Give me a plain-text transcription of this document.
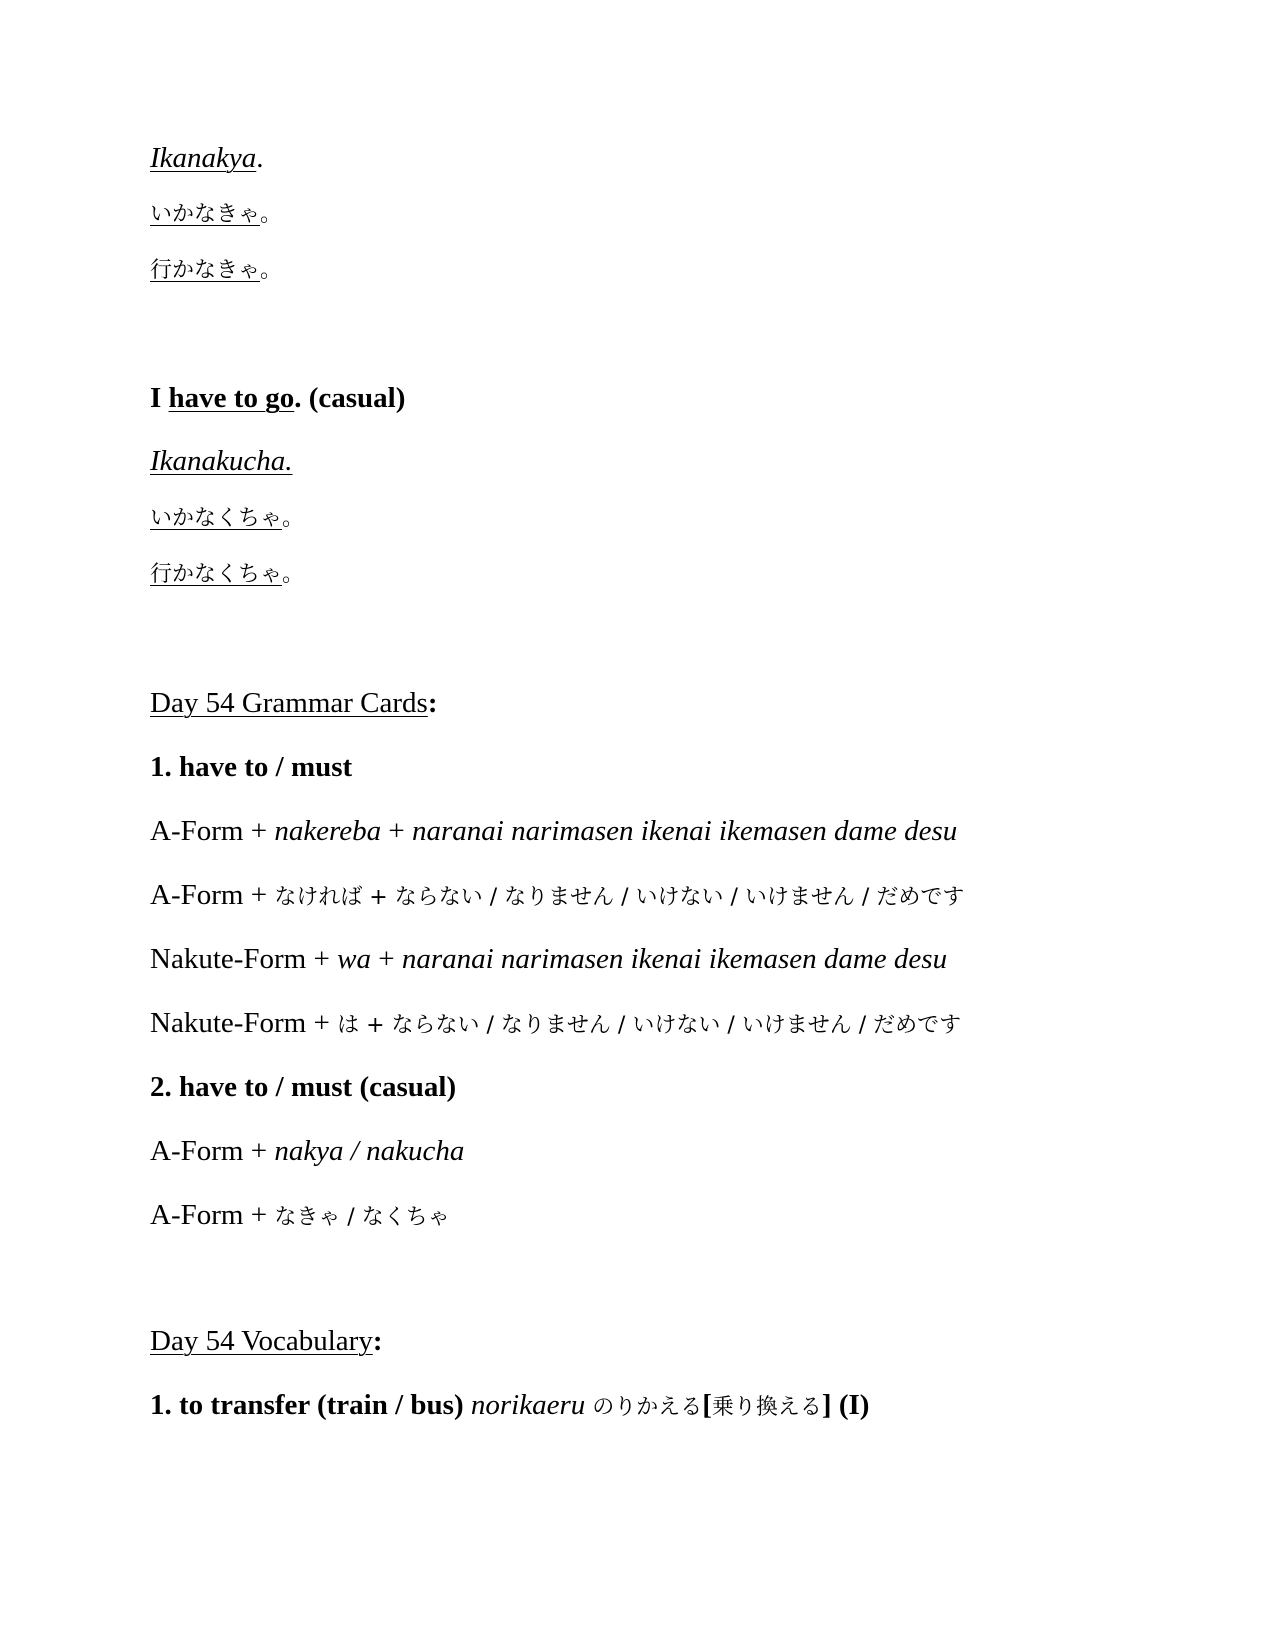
Ikanakya.
いかなきゃ。
行かなきゃ。
I have to go. (casual)
Ikanakucha.
いかなくちゃ。
行かなくちゃ。
Day 54 Grammar Cards:
1. have to / must
A-Form + nakereba + naranai narimasen ikenai ikemasen dame desu
A-Form + なければ + ならない / なりません / いけない / いけません / だめです
Nakute-Form + wa + naranai narimasen ikenai ikemasen dame desu
Nakute-Form + は + ならない / なりません / いけない / いけません / だめです
2. have to / must (casual)
A-Form + nakya / nakucha
A-Form + なきゃ / なくちゃ
Day 54 Vocabulary:
1. to transfer (train / bus) norikaeru のりかえる[乗り換える] (I)
